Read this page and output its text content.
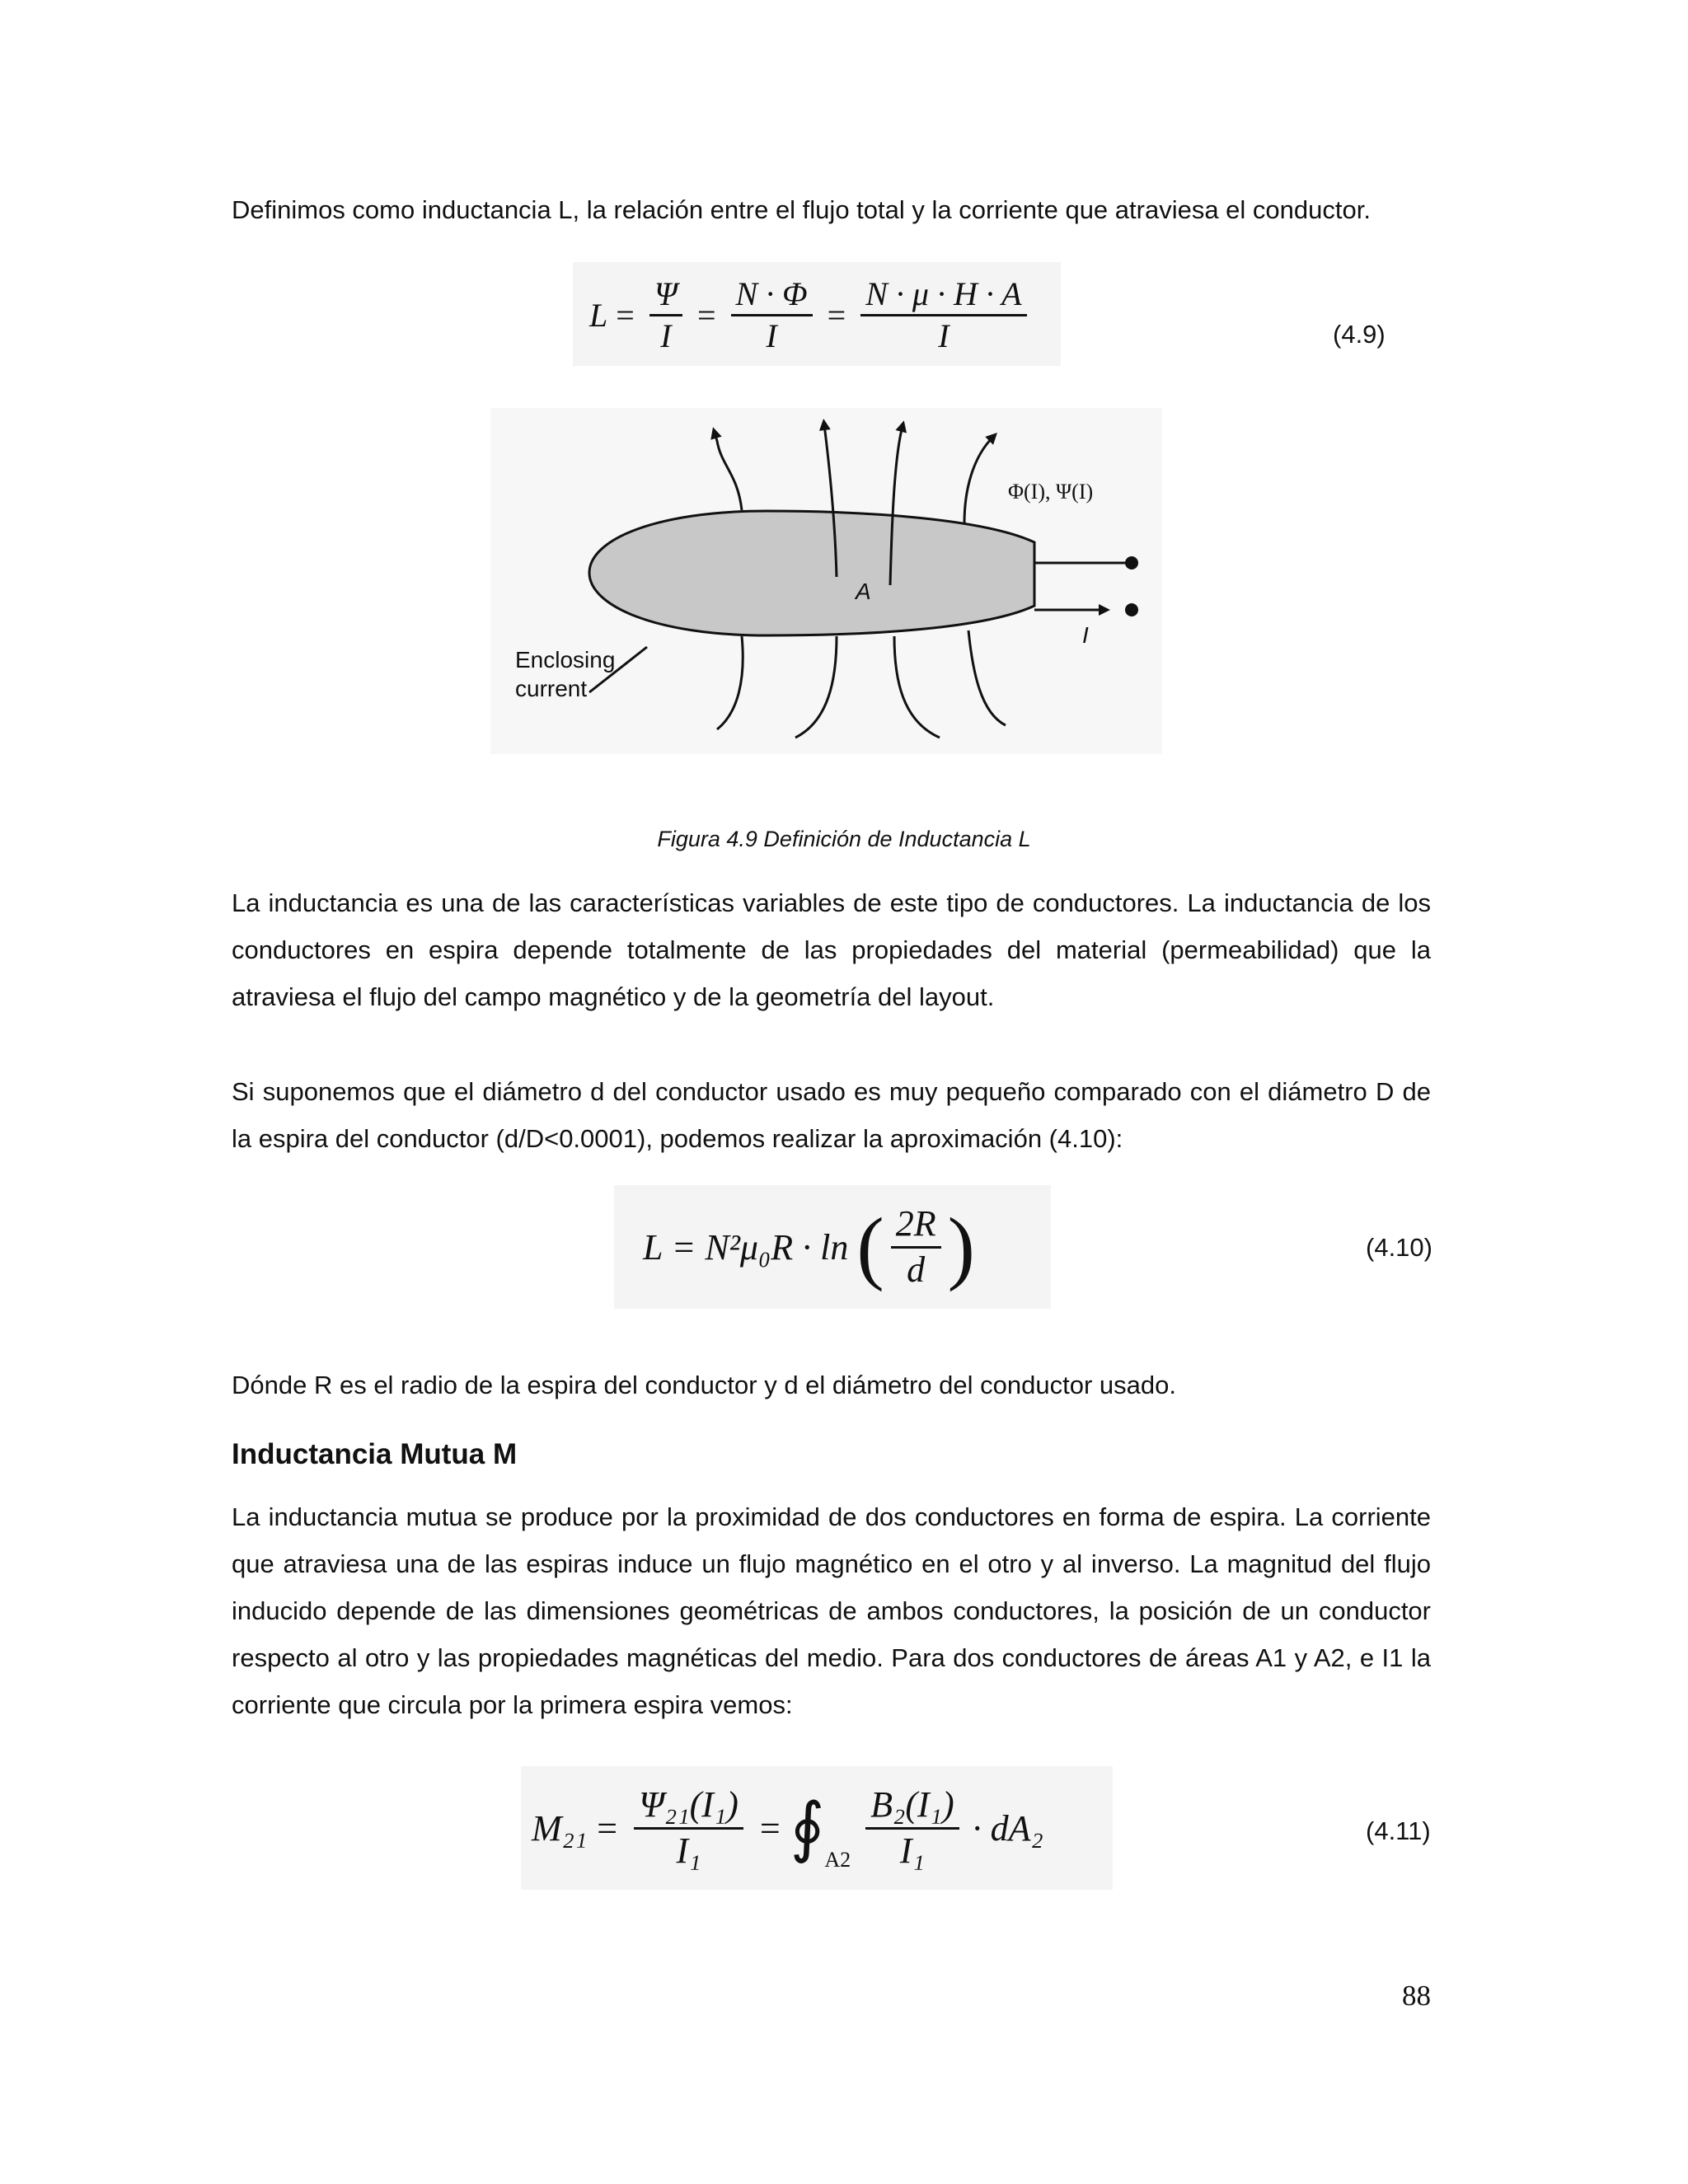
Definimos como inductancia L, la relación entre el flujo total y la corriente que atraviesa el conductor.

$L = \frac{\Psi}{I} = \frac{N \cdot \Phi}{I} = \frac{N \cdot \mu \cdot H \cdot A}{I}$	(4.9)
A
Φ(I), Ψ(I)
Enclosing
current
I
Figura 4.9 Definición de Inductancia L

La inductancia es una de las características variables de este tipo de conductores. La inductancia de los conductores en espira depende totalmente de las propiedades del material (permeabilidad) que la atraviesa el flujo del campo magnético y de la geometría del layout.

Si suponemos que el diámetro d del conductor usado es muy pequeño comparado con el diámetro D de la espira del conductor (d/D<0.0001), podemos realizar la aproximación (4.10):

L = N²μ₀R · ln ( $\frac{2R}{d}$ )	(4.10)

Dónde R es el radio de la espira del conductor y d el diámetro del conductor usado.

Inductancia Mutua M

La inductancia mutua se produce por la proximidad de dos conductores en forma de espira. La corriente que atraviesa una de las espiras induce un flujo magnético en el otro y al inverso. La magnitud del flujo inducido depende de las dimensiones geométricas de ambos conductores, la posición de un conductor respecto al otro y las propiedades magnéticas del medio. Para dos conductores de áreas A1 y A2, e I1 la corriente que circula por la primera espira vemos:

$M_{21} = \frac{\text{Ψ₂₁(I₁)}}{\text{I₁}}$ = ∮ $A2 \frac{\text{B₂(I₁)}}{\text{I₁}} \cdot dA_2$	(4.11)
88
